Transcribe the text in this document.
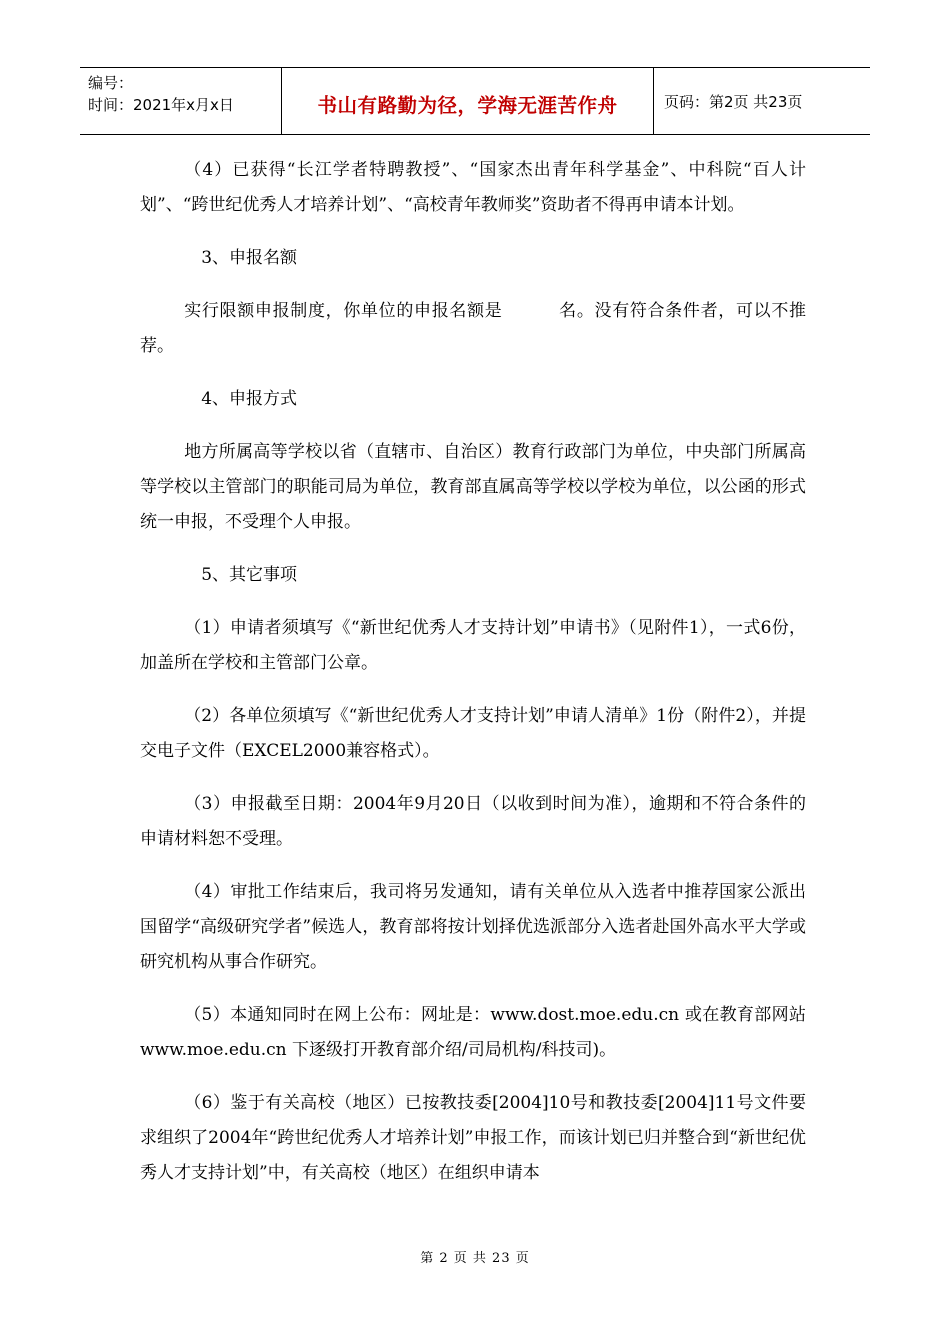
编号：
时间：2021年x月x日	书山有路勤为径，学海无涯苦作舟	页码：第2页 共23页

（4）已获得“长江学者特聘教授”、“国家杰出青年科学基金”、中科院“百人计划”、“跨世纪优秀人才培养计划”、“高校青年教师奖”资助者不得再申请本计划。

3、申报名额

实行限额申报制度，你单位的申报名额是	名。没有符合条件者，可以不推荐。

4、申报方式

地方所属高等学校以省（直辖市、自治区）教育行政部门为单位，中央部门所属高等学校以主管部门的职能司局为单位，教育部直属高等学校以学校为单位，以公函的形式统一申报，不受理个人申报。

5、其它事项

（1）申请者须填写《“新世纪优秀人才支持计划”申请书》（见附件1），一式6份，加盖所在学校和主管部门公章。

（2）各单位须填写《“新世纪优秀人才支持计划”申请人清单》1份（附件2），并提交电子文件（EXCEL2000兼容格式）。

（3）申报截至日期：2004年9月20日（以收到时间为准），逾期和不符合条件的申请材料恕不受理。

（4）审批工作结束后，我司将另发通知，请有关单位从入选者中推荐国家公派出国留学“高级研究学者”候选人，教育部将按计划择优选派部分入选者赴国外高水平大学或研究机构从事合作研究。

（5）本通知同时在网上公布：网址是：www.dost.moe.edu.cn 或在教育部网站 www.moe.edu.cn 下逐级打开教育部介绍/司局机构/科技司)。

（6）鉴于有关高校（地区）已按教技委[2004]10号和教技委[2004]11号文件要求组织了2004年“跨世纪优秀人才培养计划”申报工作，而该计划已归并整合到“新世纪优秀人才支持计划”中，有关高校（地区）在组织申请本

第 2 页 共 23 页
